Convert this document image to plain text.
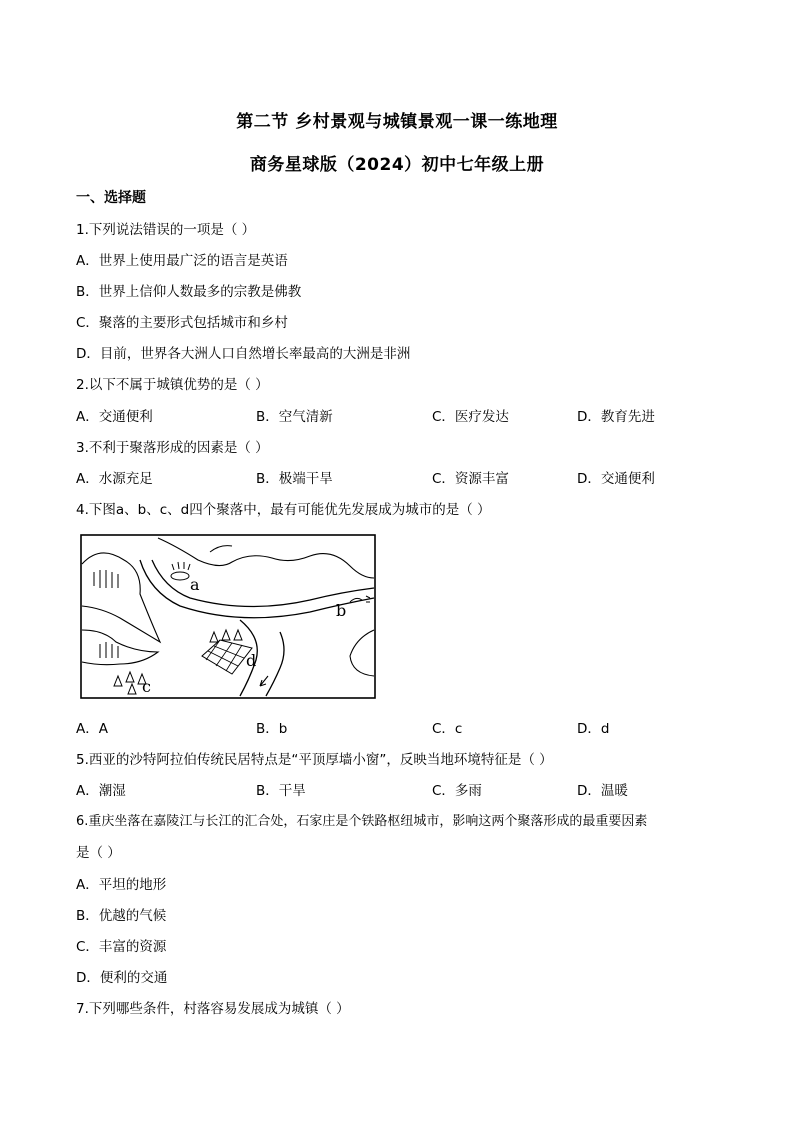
第二节 乡村景观与城镇景观一课一练地理
商务星球版（2024）初中七年级上册
一、选择题
1.下列说法错误的一项是（ ）
A．世界上使用最广泛的语言是英语
B．世界上信仰人数最多的宗教是佛教
C．聚落的主要形式包括城市和乡村
D．目前，世界各大洲人口自然增长率最高的大洲是非洲
2.以下不属于城镇优势的是（ ）
A．交通便利	B．空气清新	C．医疗发达	D．教育先进
3.不利于聚落形成的因素是（ ）
A．水源充足	B．极端干旱	C．资源丰富	D．交通便利
4.下图a、b、c、d四个聚落中，最有可能优先发展成为城市的是（ ）
a
b
c
d
A．A	B．b	C．c	D．d
5.西亚的沙特阿拉伯传统民居特点是“平顶厚墙小窗”，反映当地环境特征是（ ）
A．潮湿	B．干旱	C．多雨	D．温暖
6.重庆坐落在嘉陵江与长江的汇合处，石家庄是个铁路枢纽城市，影响这两个聚落形成的最重要因素
是（ ）
A．平坦的地形
B．优越的气候
C．丰富的资源
D．便利的交通
7.下列哪些条件，村落容易发展成为城镇（ ）
